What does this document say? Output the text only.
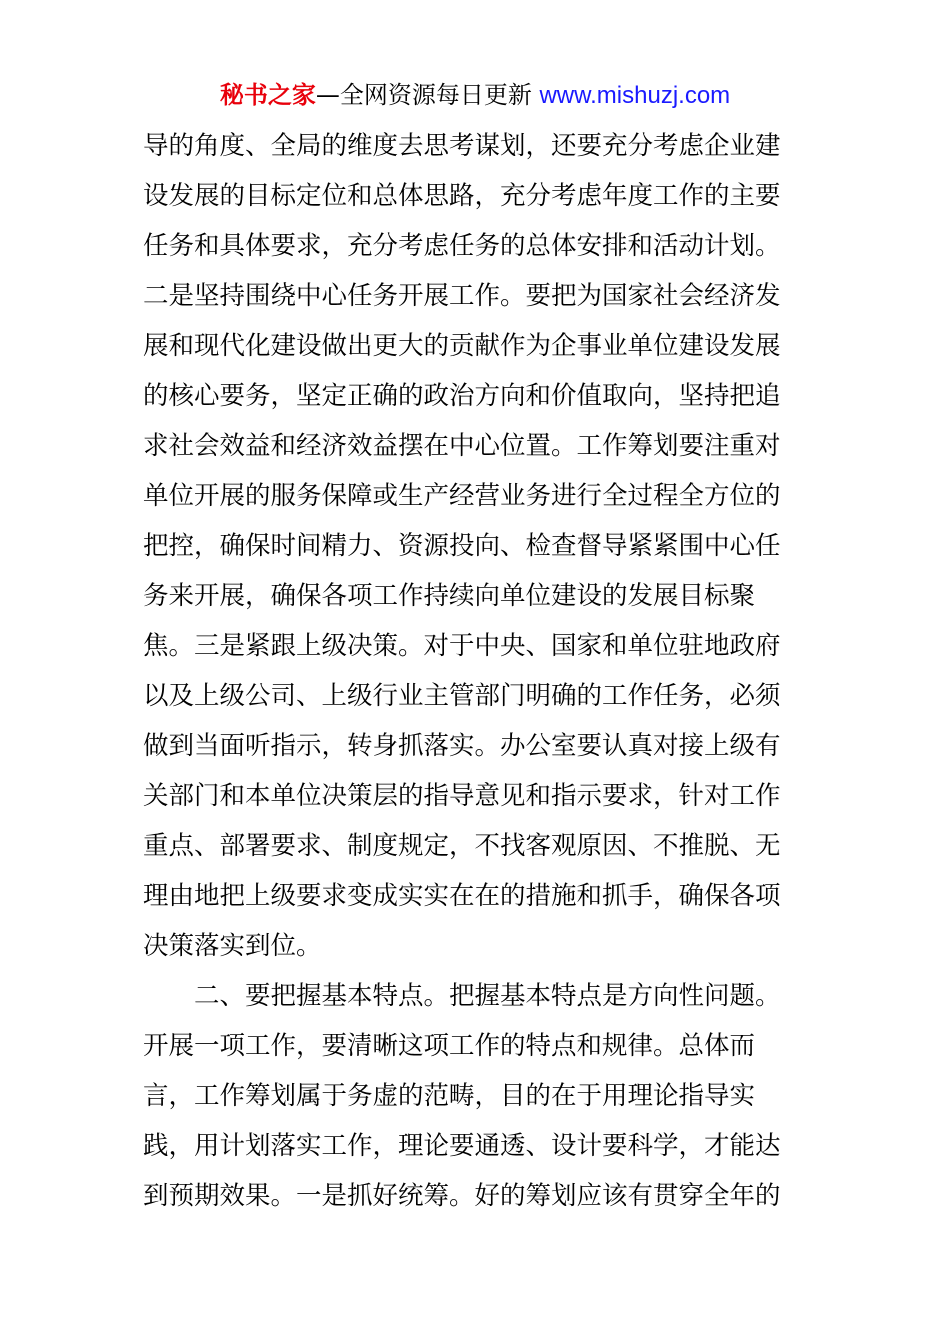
秘书之家—全网资源每日更新 www.mishuzj.com
导的角度、全局的维度去思考谋划，还要充分考虑企业建
设发展的目标定位和总体思路，充分考虑年度工作的主要
任务和具体要求，充分考虑任务的总体安排和活动计划。
二是坚持围绕中心任务开展工作。要把为国家社会经济发
展和现代化建设做出更大的贡献作为企事业单位建设发展
的核心要务，坚定正确的政治方向和价值取向，坚持把追
求社会效益和经济效益摆在中心位置。工作筹划要注重对
单位开展的服务保障或生产经营业务进行全过程全方位的
把控，确保时间精力、资源投向、检查督导紧紧围中心任
务来开展，确保各项工作持续向单位建设的发展目标聚
焦。三是紧跟上级决策。对于中央、国家和单位驻地政府
以及上级公司、上级行业主管部门明确的工作任务，必须
做到当面听指示，转身抓落实。办公室要认真对接上级有
关部门和本单位决策层的指导意见和指示要求，针对工作
重点、部署要求、制度规定，不找客观原因、不推脱、无
理由地把上级要求变成实实在在的措施和抓手，确保各项
决策落实到位。
二、要把握基本特点。把握基本特点是方向性问题。
开展一项工作，要清晰这项工作的特点和规律。总体而
言，工作筹划属于务虚的范畴，目的在于用理论指导实
践，用计划落实工作，理论要通透、设计要科学，才能达
到预期效果。一是抓好统筹。好的筹划应该有贯穿全年的
